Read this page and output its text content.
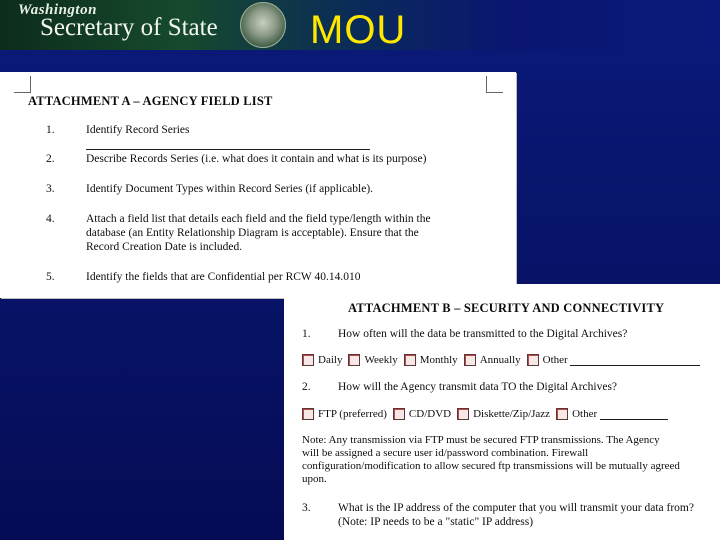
Washington
Secretary of State MOU
ATTACHMENT A – AGENCY FIELD LIST
1.	Identify Record Series
2.	Describe Records Series (i.e. what does it contain and what is its purpose)
3.	Identify Document Types within Record Series (if applicable).
4.	Attach a field list that details each field and the field type/length within the
database (an Entity Relationship Diagram is acceptable). Ensure that the
Record Creation Date is included.
5.	Identify the fields that are Confidential per RCW 40.14.010
ATTACHMENT B – SECURITY AND CONNECTIVITY
1. How often will the data be transmitted to the Digital Archives?
Daily Weekly Monthly Annually Other

2. How will the Agency transmit data TO the Digital Archives?
FTP (preferred) CD/DVD Diskette/Zip/Jazz Other

Note: Any transmission via FTP must be secured FTP transmissions. The Agency
will be assigned a secure user id/password combination. Firewall
configuration/modification to allow secured ftp transmissions will be mutually agreed
upon.
3. What is the IP address of the computer that you will transmit your data from?
(Note: IP needs to be a "static" IP address)
